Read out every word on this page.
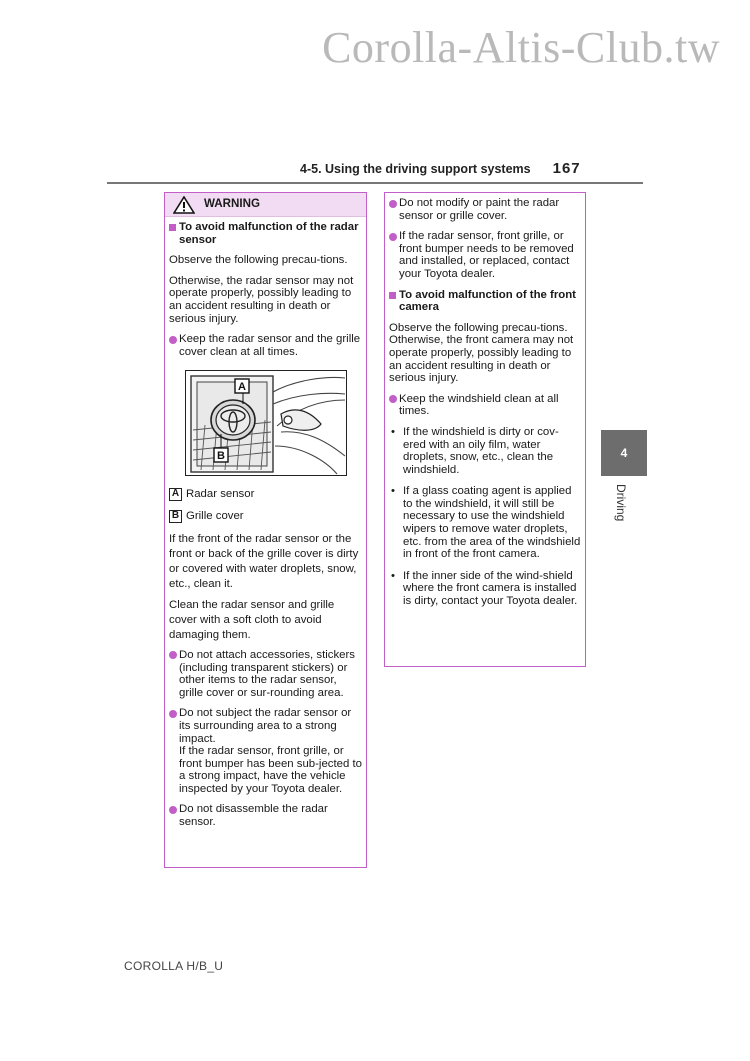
Corolla-Altis-Club.tw
4-5. Using the driving support systems 167
4
Driving
WARNING
To avoid malfunction of the radar sensor

Observe the following precau-tions.

Otherwise, the radar sensor may not operate properly, possibly leading to an accident resulting in death or serious injury.

Keep the radar sensor and the grille cover clean at all times.
A
B
A Radar sensor
B Grille cover

If the front of the radar sensor or the front or back of the grille cover is dirty or covered with water droplets, snow, etc., clean it.

Clean the radar sensor and grille cover with a soft cloth to avoid damaging them.

Do not attach accessories, stickers (including transparent stickers) or other items to the radar sensor, grille cover or sur-rounding area.
Do not subject the radar sensor or its surrounding area to a strong impact.
If the radar sensor, front grille, or front bumper has been sub-jected to a strong impact, have the vehicle inspected by your Toyota dealer.
Do not disassemble the radar sensor.
Do not modify or paint the radar sensor or grille cover.
If the radar sensor, front grille, or front bumper needs to be removed and installed, or replaced, contact your Toyota dealer.
To avoid malfunction of the front camera

Observe the following precau-tions.

Otherwise, the front camera may not operate properly, possibly leading to an accident resulting in death or serious injury.

Keep the windshield clean at all times.
• If the windshield is dirty or cov-ered with an oily film, water droplets, snow, etc., clean the windshield.
• If a glass coating agent is applied to the windshield, it will still be necessary to use the windshield wipers to remove water droplets, etc. from the area of the windshield in front of the front camera.
• If the inner side of the wind-shield where the front camera is installed is dirty, contact your Toyota dealer.
COROLLA H/B_U
